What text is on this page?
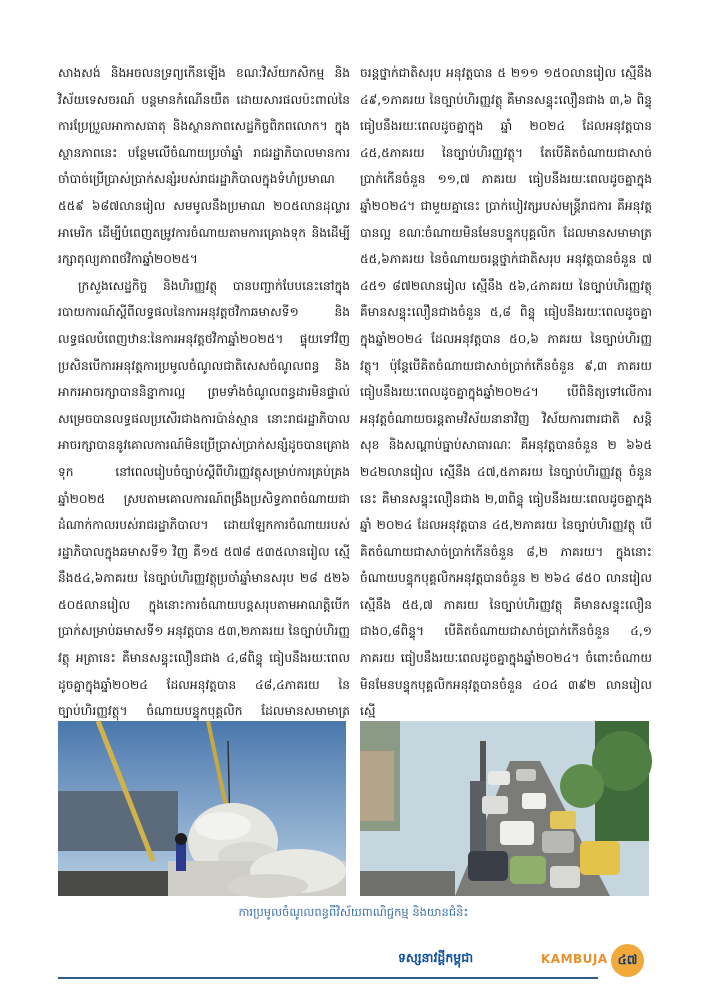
សាងសង់ និងអចលនទ្រព្យកើនឡើង ខណៈវិស័យកសិកម្ម និងវិស័យទេសចរណ៍ បន្តមានកំណើនយឺត ដោយសារផលប៉ះពាល់នៃការប្រែប្រួលអាកាសធាតុ និងស្ថានភាពសេដ្ឋកិច្ចពិភពលោក។ ក្នុងស្ថានភាពនេះ បន្ថែមលើចំណាយប្រចាំឆ្នាំ រាជរដ្ឋាភិបាលមានការចាំបាច់ប្រើប្រាស់ប្រាក់សន្សំរបស់រាជរដ្ឋាភិបាលក្នុងទំហំប្រមាណ ៥៥៩ ៦៨៧លានរៀល សមមូលនឹងប្រមាណ ២០៥លានដុល្លារអាមេរិក ដើម្បីបំពេញតម្រូវការចំណាយតាមការគ្រោងទុក និងដើម្បីរក្សាតុល្យភាពថវិកាឆ្នាំ២០២៥។

ក្រសួងសេដ្ឋកិច្ច និងហិរញ្ញវត្ថុ បានបញ្ជាក់បែបនេះនៅក្នុងរបាយការណ៍ស្តីពីលទ្ធផលនៃការអនុវត្តថវិកាឆមាសទី១ និងលទ្ធផលបំពេញឋានៈនៃការអនុវត្តថវិកាឆ្នាំ២០២៥។ ផ្ទុយទៅវិញប្រសិនបើការអនុវត្តការប្រមូលចំណូលជាតិសេសចំណូលពន្ធ និងអាករអាចរក្សាបាននិន្នាការល្អ ព្រមទាំងចំណូលពន្ធដារមិនផ្ទាល់សម្រេចបានលទ្ធផលប្រសើរជាងការប៉ាន់ស្មាន នោះរាជរដ្ឋាភិបាលអាចរក្សាបាននូវគោលការណ៍មិនប្រើប្រាស់ប្រាក់សន្សំដូចបានគ្រោងទុក នៅពេលរៀបចំច្បាប់ស្តីពីហិរញ្ញវត្ថុសម្រាប់ការគ្រប់គ្រងឆ្នាំ២០២៥ ស្របតាមគោលការណ៍ពង្រឹងប្រសិទ្ធភាពចំណាយជាដំណាក់កាលរបស់រាជរដ្ឋាភិបាល។ ដោយឡែកការចំណាយរបស់រដ្ឋាភិបាលក្នុងឆមាសទី១ វិញ គឺ១៥ ៥៧៨ ៥៣៥លានរៀល ស្មើនឹង៥៤,៦ភាគរយ នៃច្បាប់ហិរញ្ញវត្ថុប្រចាំឆ្នាំមានសរុប ២៨ ៥២៦ ៥០៥លានរៀល ក្នុងនោះការចំណាយបន្តសរុបតាមអាណត្តិបើកប្រាក់សម្រាប់ឆមាសទី១ អនុវត្តបាន ៥៣,២ភាគរយ នៃច្បាប់ហិរញ្ញវត្ថុ អត្រានេះ គឺមានសន្ទុះលឿនជាង ៤,៨ពិន្ទុ ធៀបនឹងរយៈពេលដូចគ្នាក្នុងឆ្នាំ២០២៤ ដែលអនុវត្តបាន ៤៨,៤ភាគរយ នៃច្បាប់ហិរញ្ញវត្ថុ។ ចំណាយបន្ទុកបុគ្គលិក ដែលមានសមាមាត្រ

ចរន្តថ្នាក់ជាតិសរុប អនុវត្តបាន ៥ ២១១ ១៥០លានរៀល ស្មើនឹង ៤៩,១ភាគរយ នៃច្បាប់ហិរញ្ញវត្ថុ គឺមានសន្ទុះលឿនជាង ៣,៦ ពិន្ទុ ធៀបនឹងរយៈពេលដូចគ្នាក្នុង ឆ្នាំ ២០២៤ ដែលអនុវត្តបាន ៤៥,៥ភាគរយ នៃច្បាប់ហិរញ្ញវត្ថុ។ តែបើគិតចំណាយជាសាច់ប្រាក់កើនចំនួន ១១,៧ ភាគរយ ធៀបនឹងរយៈពេលដូចគ្នាក្នុងឆ្នាំ២០២៤។ ជាមួយគ្នានេះ ប្រាក់បៀវត្សរបស់មន្ត្រីរាជការ គឺអនុវត្តបានល្អ ខណៈចំណាយមិនមែនបន្ទុកបុគ្គលិក ដែលមានសមាមាត្រ ៥៥,៦ភាគរយ នៃចំណាយចរន្តថ្នាក់ជាតិសរុប អនុវត្តបានចំនួន ៧ ៤៥១ ៨៧២លានរៀល ស្មើនឹង ៥៦,៤ភាគរយ នៃច្បាប់ហិរញ្ញវត្ថុ គឺមានសន្ទុះលឿនជាងចំនួន ៥,៨ ពិន្ទុ ធៀបនឹងរយៈពេលដូចគ្នាក្នុងឆ្នាំ២០២៤ ដែលអនុវត្តបាន ៥០,៦ ភាគរយ នៃច្បាប់ហិរញ្ញវត្ថុ។ ប៉ុន្តែបើគិតចំណាយជាសាច់ប្រាក់កើនចំនួន ៩,៣ ភាគរយ ធៀបនឹងរយៈពេលដូចគ្នាក្នុងឆ្នាំ២០២៤។ បើពិនិត្យទៅលើការអនុវត្តចំណាយចរន្តតាមវិស័យនានាវិញ វិស័យការពារជាតិ សន្តិសុខ និងសណ្តាប់ធ្នាប់សាធារណៈ គឺអនុវត្តបានចំនួន ២ ៦៦៥ ២៤២លានរៀល ស្មើនឹង ៤៧,៥ភាគរយ នៃច្បាប់ហិរញ្ញវត្ថុ ចំនួននេះ គឺមានសន្ទុះលឿនជាង ២,៣ពិន្ទុ ធៀបនឹងរយៈពេលដូចគ្នាក្នុងឆ្នាំ ២០២៤ ដែលអនុវត្តបាន ៤៥,២ភាគរយ នៃច្បាប់ហិរញ្ញវត្ថុ បើគិតចំណាយជាសាច់ប្រាក់កើនចំនួន ៨,២ ភាគរយ។ ក្នុងនោះចំណាយបន្ទុកបុគ្គលិកអនុវត្តបានចំនួន ២ ២៦៤ ៨៥០ លានរៀល ស្មើនឹង ៥៥,៧ ភាគរយ នៃច្បាប់ហិរញ្ញវត្ថុ គឺមានសន្ទុះលឿនជាង០,៨ពិន្ទុ។ បើគិតចំណាយជាសាច់ប្រាក់កើនចំនួន ៤,១ ភាគរយ ធៀបនឹងរយៈពេលដូចគ្នាក្នុងឆ្នាំ២០២៤។ ចំពោះចំណាយមិនមែនបន្ទុកបុគ្គលិកអនុវត្តបានចំនួន ៤០៤ ៣៩២ លានរៀល ស្មើ

ការប្រមូលចំណូលពន្ធពីវិស័យពាណិជ្ជកម្ម និងយានជំនិះ
ទស្សនាវដ្តីកម្ពុជា	KAMBUJA ៤៧
